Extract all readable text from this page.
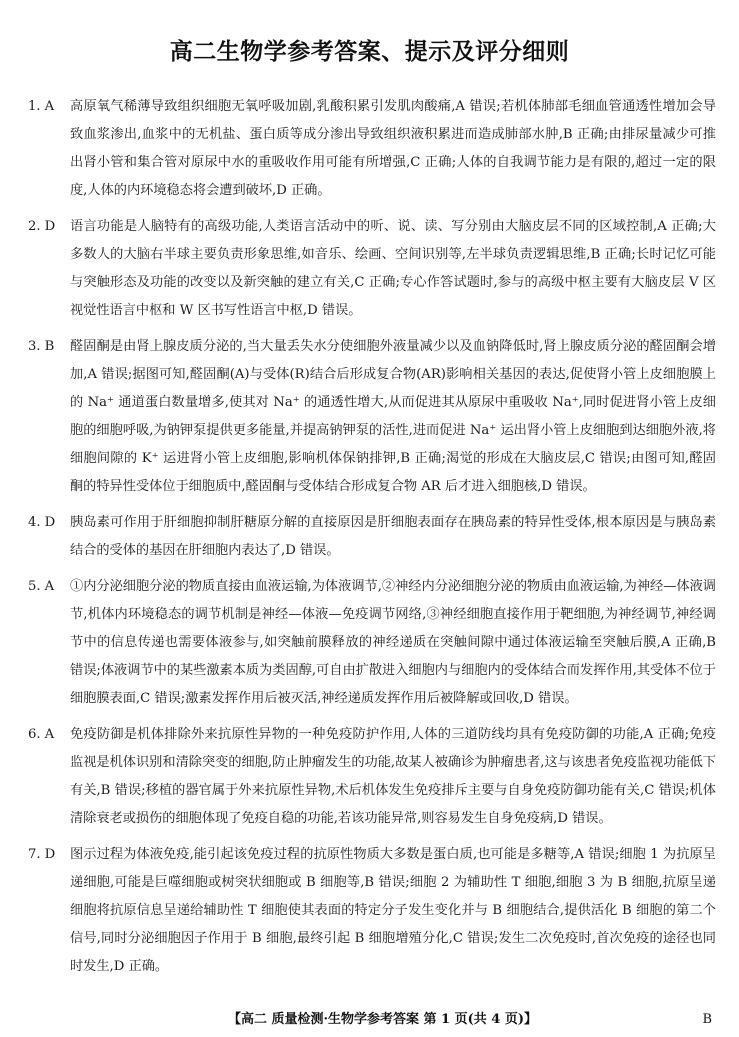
高二生物学参考答案、提示及评分细则
1. A	高原氧气稀薄导致组织细胞无氧呼吸加剧,乳酸积累引发肌肉酸痛,A 错误;若机体肺部毛细血管通透性增加会导致血浆渗出,血浆中的无机盐、蛋白质等成分渗出导致组织液积累进而造成肺部水肿,B 正确;由排尿量减少可推出肾小管和集合管对原尿中水的重吸收作用可能有所增强,C 正确;人体的自我调节能力是有限的,超过一定的限度,人体的内环境稳态将会遭到破坏,D 正确。
2. D	语言功能是人脑特有的高级功能,人类语言活动中的听、说、读、写分别由大脑皮层不同的区域控制,A 正确;大多数人的大脑右半球主要负责形象思维,如音乐、绘画、空间识别等,左半球负责逻辑思维,B 正确;长时记忆可能与突触形态及功能的改变以及新突触的建立有关,C 正确;专心作答试题时,参与的高级中枢主要有大脑皮层 V 区视觉性语言中枢和 W 区书写性语言中枢,D 错误。
3. B	醛固酮是由肾上腺皮质分泌的,当大量丢失水分使细胞外液量减少以及血钠降低时,肾上腺皮质分泌的醛固酮会增加,A 错误;据图可知,醛固酮(A)与受体(R)结合后形成复合物(AR)影响相关基因的表达,促使肾小管上皮细胞膜上的 Na⁺ 通道蛋白数量增多,使其对 Na⁺ 的通透性增大,从而促进其从原尿中重吸收 Na⁺,同时促进肾小管上皮细胞的细胞呼吸,为钠钾泵提供更多能量,并提高钠钾泵的活性,进而促进 Na⁺ 运出肾小管上皮细胞到达细胞外液,将细胞间隙的 K⁺ 运进肾小管上皮细胞,影响机体保钠排钾,B 正确;渴觉的形成在大脑皮层,C 错误;由图可知,醛固酮的特异性受体位于细胞质中,醛固酮与受体结合形成复合物 AR 后才进入细胞核,D 错误。
4. D	胰岛素可作用于肝细胞抑制肝糖原分解的直接原因是肝细胞表面存在胰岛素的特异性受体,根本原因是与胰岛素结合的受体的基因在肝细胞内表达了,D 错误。
5. A	①内分泌细胞分泌的物质直接由血液运输,为体液调节,②神经内分泌细胞分泌的物质由血液运输,为神经—体液调节,机体内环境稳态的调节机制是神经—体液—免疫调节网络,③神经细胞直接作用于靶细胞,为神经调节,神经调节中的信息传递也需要体液参与,如突触前膜释放的神经递质在突触间隙中通过体液运输至突触后膜,A 正确,B 错误;体液调节中的某些激素本质为类固醇,可自由扩散进入细胞内与细胞内的受体结合而发挥作用,其受体不位于细胞膜表面,C 错误;激素发挥作用后被灭活,神经递质发挥作用后被降解或回收,D 错误。
6. A	免疫防御是机体排除外来抗原性异物的一种免疫防护作用,人体的三道防线均具有免疫防御的功能,A 正确;免疫监视是机体识别和清除突变的细胞,防止肿瘤发生的功能,故某人被确诊为肿瘤患者,这与该患者免疫监视功能低下有关,B 错误;移植的器官属于外来抗原性异物,术后机体发生免疫排斥主要与自身免疫防御功能有关,C 错误;机体清除衰老或损伤的细胞体现了免疫自稳的功能,若该功能异常,则容易发生自身免疫病,D 错误。
7. D	图示过程为体液免疫,能引起该免疫过程的抗原性物质大多数是蛋白质,也可能是多糖等,A 错误;细胞 1 为抗原呈递细胞,可能是巨噬细胞或树突状细胞或 B 细胞等,B 错误;细胞 2 为辅助性 T 细胞,细胞 3 为 B 细胞,抗原呈递细胞将抗原信息呈递给辅助性 T 细胞使其表面的特定分子发生变化并与 B 细胞结合,提供活化 B 细胞的第二个信号,同时分泌细胞因子作用于 B 细胞,最终引起 B 细胞增殖分化,C 错误;发生二次免疫时,首次免疫的途径也同时发生,D 正确。
【高二 质量检测·生物学参考答案 第 1 页(共 4 页)】	B
